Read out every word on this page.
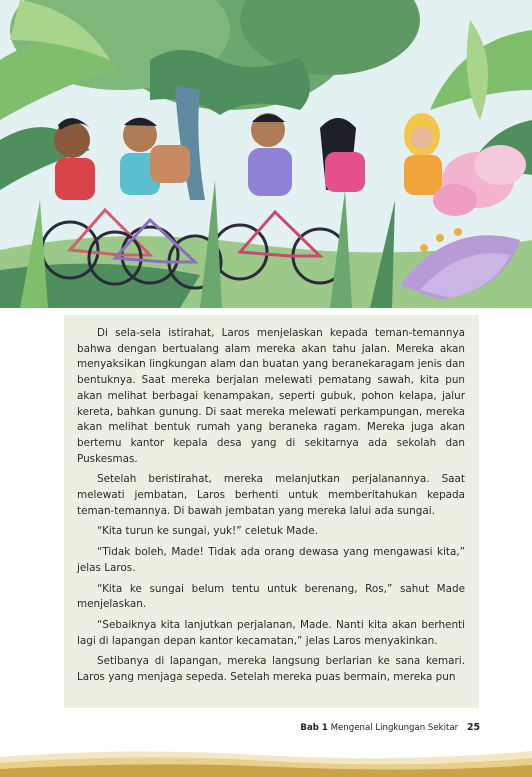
Di sela-sela istirahat, Laros menjelaskan kepada teman-temannya bahwa dengan bertualang alam mereka akan tahu jalan. Mereka akan menyaksikan lingkungan alam dan buatan yang beranekaragam jenis dan bentuknya. Saat mereka berjalan melewati pematang sawah, kita pun akan melihat berbagai kenampakan, seperti gubuk, pohon kelapa, jalur kereta, bahkan gunung. Di saat mereka melewati perkampungan, mereka akan melihat bentuk rumah yang beraneka ragam. Mereka juga akan bertemu kantor kepala desa yang di sekitarnya ada sekolah dan Puskesmas.

Setelah beristirahat, mereka melanjutkan perjalanannya. Saat melewati jembatan, Laros berhenti untuk memberitahukan kepada teman-temannya. Di bawah jembatan yang mereka lalui ada sungai.

“Kita turun ke sungai, yuk!” celetuk Made.

“Tidak boleh, Made! Tidak ada orang dewasa yang mengawasi kita,” jelas Laros.

“Kita ke sungai belum tentu untuk berenang, Ros,” sahut Made menjelaskan.

“Sebaiknya kita lanjutkan perjalanan, Made. Nanti kita akan berhenti lagi di lapangan depan kantor kecamatan,” jelas Laros menyakinkan.

Setibanya di lapangan, mereka langsung berlarian ke sana kemari. Laros yang menjaga sepeda. Setelah mereka puas bermain, mereka pun

Bab 1 Mengenal Lingkungan Sekitar 25
